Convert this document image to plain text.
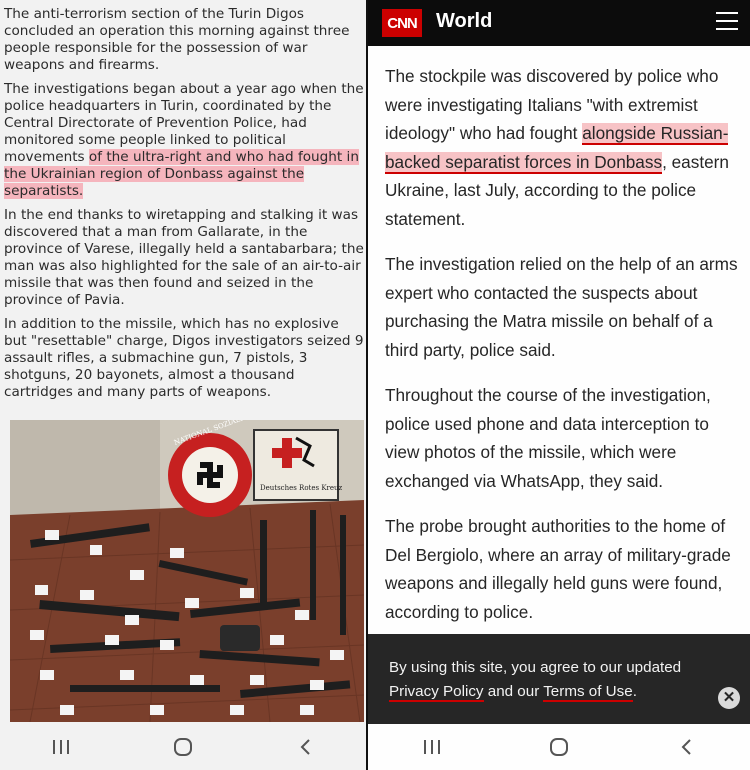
The anti-terrorism section of the Turin Digos concluded an operation this morning against three people responsible for the possession of war weapons and firearms.

The investigations began about a year ago when the police headquarters in Turin, coordinated by the Central Directorate of Prevention Police, had monitored some people linked to political movements of the ultra-right and who had fought in the Ukrainian region of Donbass against the separatists.

In the end thanks to wiretapping and stalking it was discovered that a man from Gallarate, in the province of Varese, illegally held a santabarbara; the man was also highlighted for the sale of an air-to-air missile that was then found and seized in the province of Pavia.

In addition to the missile, which has no explosive but "resettable" charge, Digos investigators seized 9 assault rifles, a submachine gun, 7 pistols, 3 shotguns, 20 bayonets, almost a thousand cartridges and many parts of weapons.

Deutsches Rotes Kreuz
CNN World

The stockpile was discovered by police who were investigating Italians "with extremist ideology" who had fought alongside Russian-backed separatist forces in Donbass, eastern Ukraine, last July, according to the police statement.

The investigation relied on the help of an arms expert who contacted the suspects about purchasing the Matra missile on behalf of a third party, police said.

Throughout the course of the investigation, police used phone and data interception to view photos of the missile, which were exchanged via WhatsApp, they said.

The probe brought authorities to the home of Del Bergiolo, where an array of military-grade weapons and illegally held guns were found, according to police.

By using this site, you agree to our updated Privacy Policy and our Terms of Use.	✕
